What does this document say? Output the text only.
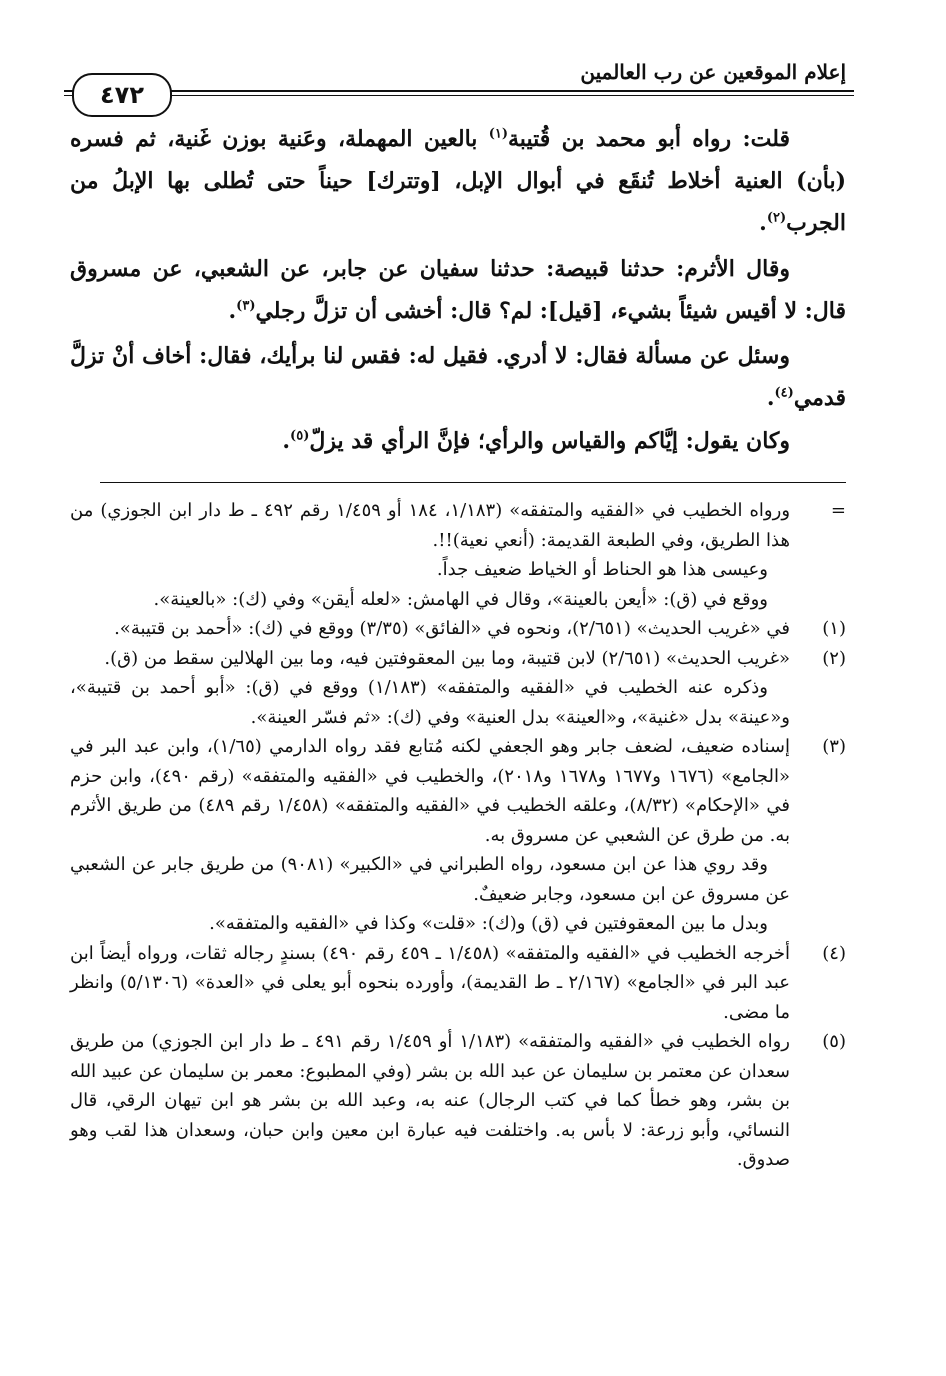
إعلام الموقعين عن رب العالمين
٤٧٢

قلت: رواه أبو محمد بن قُتيبة$^{(١)}$ بالعين المهملة، وعَنية بوزن غَنية، ثم فسره (بأن) العنية أخلاط تُنقَع في أبوال الإبل، [وتترك] حيناً حتى تُطلى بها الإبلُ من الجرب$^{(٢)}$.

وقال الأثرم: حدثنا قبيصة: حدثنا سفيان عن جابر، عن الشعبي، عن مسروق قال: لا أقيس شيئاً بشيء، [قيل]: لم؟ قال: أخشى أن تزلَّ رجلي$^{(٣)}$.

وسئل عن مسألة فقال: لا أدري. فقيل له: فقس لنا برأيك، فقال: أخاف أنْ تزلَّ قدمي$^{(٤)}$.

وكان يقول: إيَّاكم والقياس والرأي؛ فإنَّ الرأي قد يزلّ$^{(٥)}$.

=

ورواه الخطيب في «الفقيه والمتفقه» (١/١٨٣، ١٨٤ أو ١/٤٥٩ رقم ٤٩٢ ـ ط دار ابن الجوزي) من هذا الطريق، وفي الطبعة القديمة: (أنعي نعية)!!.

وعيسى هذا هو الحناط أو الخياط ضعيف جداً.

ووقع في (ق): «أيعن بالعينة»، وقال في الهامش: «لعله أيقن» وفي (ك): «بالعينة».

(١)

في «غريب الحديث» (٢/٦٥١)، ونحوه في «الفائق» (٣/٣٥) ووقع في (ك): «أحمد بن قتيبة».

(٢)

«غريب الحديث» (٢/٦٥١) لابن قتيبة، وما بين المعقوفتين فيه، وما بين الهلالين سقط من (ق).

وذكره عنه الخطيب في «الفقيه والمتفقه» (١/١٨٣) ووقع في (ق): «أبو أحمد بن قتيبة»، و«عينة» بدل «غنية»، و«العينة» بدل العنية» وفي (ك): «ثم فسّر العينة».

(٣)

إسناده ضعيف، لضعف جابر وهو الجعفي لكنه مُتابع فقد رواه الدارمي (١/٦٥)، وابن عبد البر في «الجامع» (١٦٧٦ و١٦٧٧ و١٦٧٨ و٢٠١٨)، والخطيب في «الفقيه والمتفقه» (رقم ٤٩٠)، وابن حزم في «الإحكام» (٨/٣٢)، وعلقه الخطيب في «الفقيه والمتفقه» (١/٤٥٨ رقم ٤٨٩) من طريق الأثرم به. من طرق عن الشعبي عن مسروق به.

وقد روي هذا عن ابن مسعود، رواه الطبراني في «الكبير» (٩٠٨١) من طريق جابر عن الشعبي عن مسروق عن ابن مسعود، وجابر ضعيفٌ.

وبدل ما بين المعقوفتين في (ق) و(ك): «قلت» وكذا في «الفقيه والمتفقه».

(٤)

أخرجه الخطيب في «الفقيه والمتفقه» (١/٤٥٨ ـ ٤٥٩ رقم ٤٩٠) بسندٍ رجاله ثقات، ورواه أيضاً ابن عبد البر في «الجامع» (٢/١٦٧ ـ ط القديمة)، وأورده بنحوه أبو يعلى في «العدة» (٥/١٣٠٦) وانظر ما مضى.

(٥)

رواه الخطيب في «الفقيه والمتفقه» (١/١٨٣ أو ١/٤٥٩ رقم ٤٩١ ـ ط دار ابن الجوزي) من طريق سعدان عن معتمر بن سليمان عن عبد الله بن بشر (وفي المطبوع: معمر بن سليمان عن عبيد الله بن بشر، وهو خطأ كما في كتب الرجال) عنه به، وعبد الله بن بشر هو ابن تيهان الرقي، قال النسائي، وأبو زرعة: لا بأس به. واختلفت فيه عبارة ابن معين وابن حبان، وسعدان هذا لقب وهو صدوق.
